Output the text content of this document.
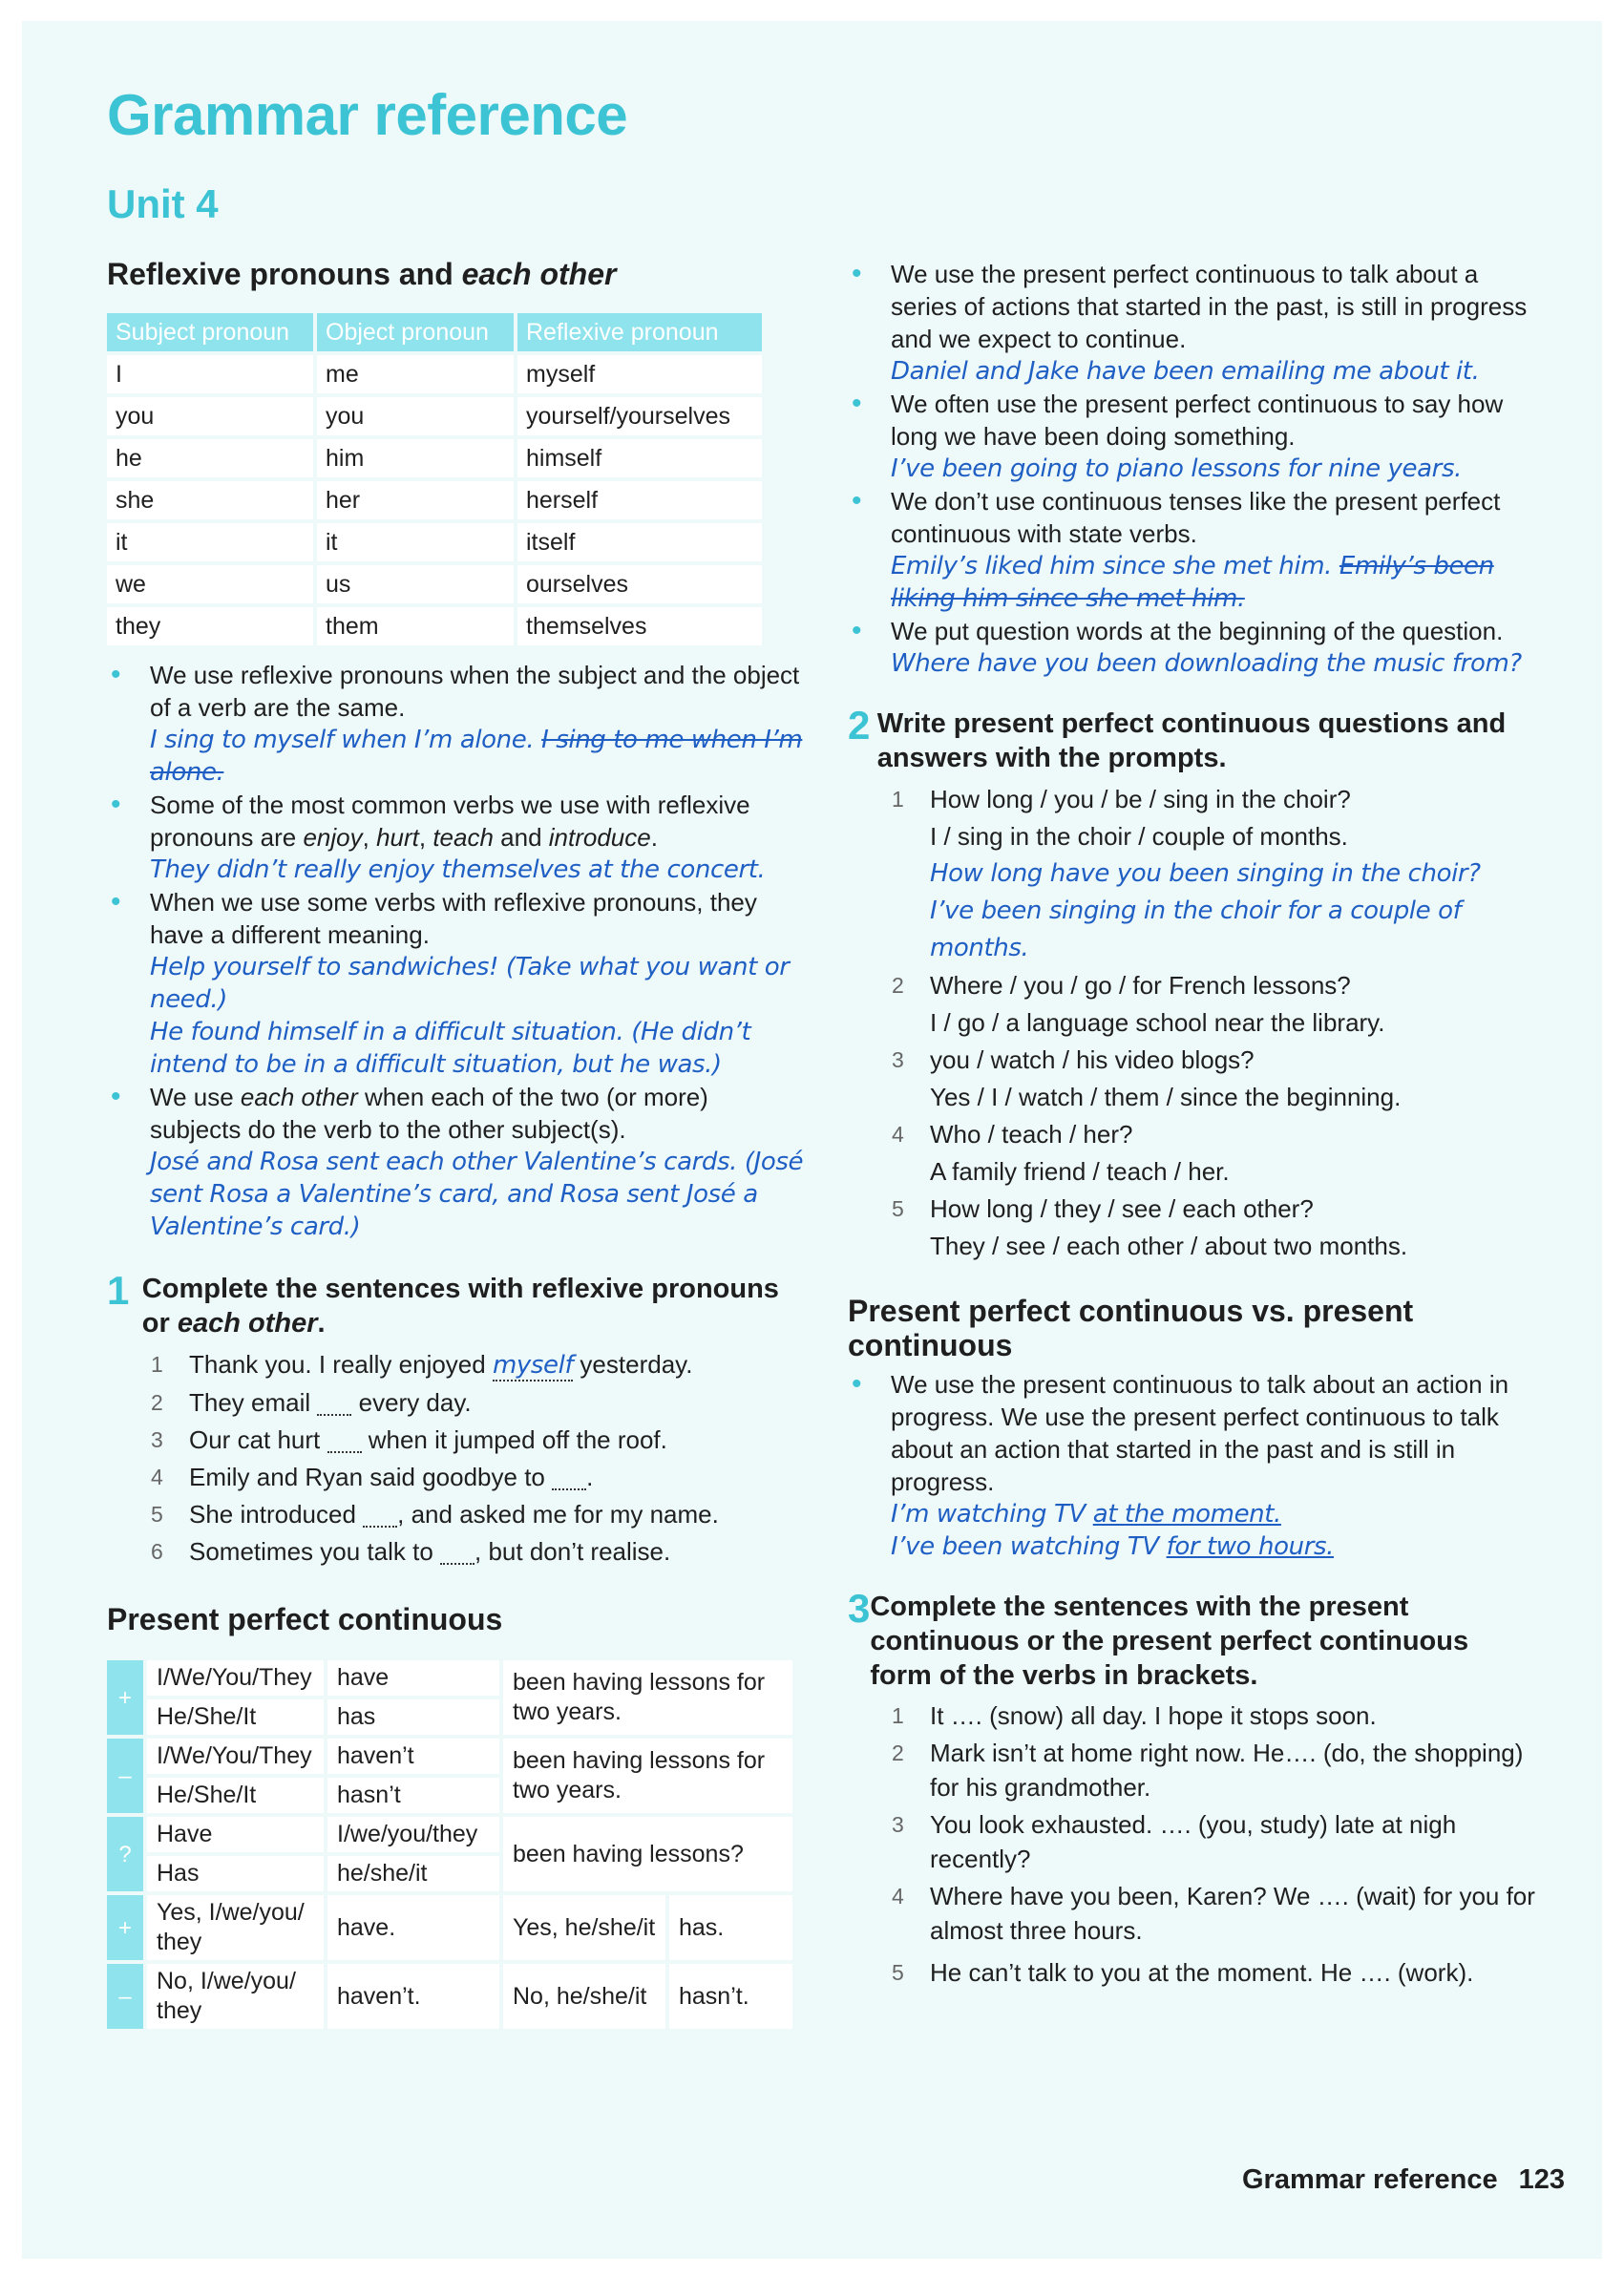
Grammar reference
Unit 4

Reflexive pronouns and each other

Subject pronoun	Object pronoun	Reflexive pronoun
I	me	myself
you	you	yourself/yourselves
he	him	himself
she	her	herself
it	it	itself
we	us	ourselves
they	them	themselves
• We use reflexive pronouns when the subject and the object of a verb are the same.
I sing to myself when I’m alone. I sing to me when I’m alone.
• Some of the most common verbs we use with reflexive pronouns are enjoy, hurt, teach and introduce.
They didn’t really enjoy themselves at the concert.
• When we use some verbs with reflexive pronouns, they have a different meaning.
Help yourself to sandwiches! (Take what you want or need.)
He found himself in a difficult situation. (He didn’t intend to be in a difficult situation, but he was.)
• We use each other when each of the two (or more) subjects do the verb to the other subject(s).
José and Rosa sent each other Valentine’s cards. (José sent Rosa a Valentine’s card, and Rosa sent José a Valentine’s card.)
1 Complete the sentences with reflexive pronouns or each other.
1 Thank you. I really enjoyed myself yesterday.
2 They email  every day.
3 Our cat hurt  when it jumped off the roof.
4 Emily and Ryan said goodbye to .
5 She introduced , and asked me for my name.
6 Sometimes you talk to , but don’t realise.

Present perfect continuous

+	I/We/You/They	have	been having lessons for two years.	
	He/She/It	has		
–	I/We/You/They	haven’t	been having lessons for two years.	
	He/She/It	hasn’t		
?	Have	I/we/you/they	been having lessons?	
	Has	he/she/it		
+	Yes, I/we/you/ they	have.	Yes, he/she/it	has.
–	No, I/we/you/ they	haven’t.	No, he/she/it	hasn’t.
• We use the present perfect continuous to talk about a series of actions that started in the past, is still in progress and we expect to continue.
Daniel and Jake have been emailing me about it.
• We often use the present perfect continuous to say how long we have been doing something.
I’ve been going to piano lessons for nine years.
• We don’t use continuous tenses like the present perfect continuous with state verbs.
Emily’s liked him since she met him. Emily’s been liking him since she met him.
• We put question words at the beginning of the question.
Where have you been downloading the music from?
2 Write present perfect continuous questions and answers with the prompts.
1 How long / you / be / sing in the choir?
I / sing in the choir / couple of months.
How long have you been singing in the choir?
I’ve been singing in the choir for a couple of months.
2 Where / you / go / for French lessons?
I / go / a language school near the library.
3 you / watch / his video blogs?
Yes / I / watch / them / since the beginning.
4 Who / teach / her?
A family friend / teach / her.
5 How long / they / see / each other?
They / see / each other / about two months.

Present perfect continuous vs. present continuous

• We use the present continuous to talk about an action in progress. We use the present perfect continuous to talk about an action that started in the past and is still in progress.
I’m watching TV at the moment.
I’ve been watching TV for two hours.
3 Complete the sentences with the present continuous or the present perfect continuous form of the verbs in brackets.
1 It …. (snow) all day. I hope it stops soon.
2 Mark isn’t at home right now. He…. (do, the shopping) for his grandmother.
3 You look exhausted. …. (you, study) late at nigh recently?
4 Where have you been, Karen? We …. (wait) for you for almost three hours.
5 He can’t talk to you at the moment. He …. (work).
Grammar reference 123
